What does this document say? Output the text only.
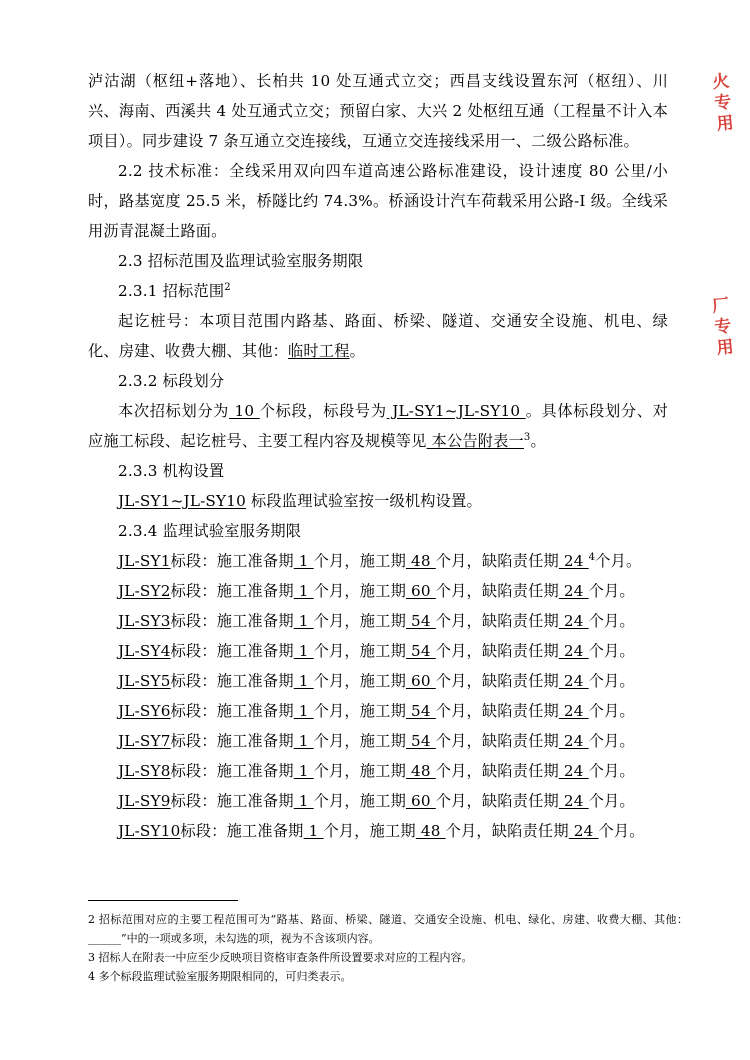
泸沽湖（枢纽+落地）、长柏共 10 处互通式立交；西昌支线设置东河（枢纽）、川兴、海南、西溪共 4 处互通式立交；预留白家、大兴 2 处枢纽互通（工程量不计入本项目）。同步建设 7 条互通立交连接线，互通立交连接线采用一、二级公路标准。

2.2 技术标准：全线采用双向四车道高速公路标准建设，设计速度 80 公里/小时，路基宽度 25.5 米，桥隧比约 74.3%。桥涵设计汽车荷载采用公路-I 级。全线采用沥青混凝土路面。

2.3 招标范围及监理试验室服务期限

2.3.1 招标范围$^2$

起讫桩号：本项目范围内路基、路面、桥梁、隧道、交通安全设施、机电、绿化、房建、收费大棚、其他：临时工程。

2.3.2 标段划分

本次招标划分为 10 个标段，标段号为 JL-SY1~JL-SY10 。具体标段划分、对应施工标段、起讫桩号、主要工程内容及规模等见 本公告附表一$^3$。

2.3.3 机构设置

JL-SY1~JL-SY10 标段监理试验室按一级机构设置。

2.3.4 监理试验室服务期限

JL-SY1标段：施工准备期 1 个月，施工期 48 个月，缺陷责任期 24 $^4$个月。

JL-SY2标段：施工准备期 1 个月，施工期 60 个月，缺陷责任期 24 个月。

JL-SY3标段：施工准备期 1 个月，施工期 54 个月，缺陷责任期 24 个月。

JL-SY4标段：施工准备期 1 个月，施工期 54 个月，缺陷责任期 24 个月。

JL-SY5标段：施工准备期 1 个月，施工期 60 个月，缺陷责任期 24 个月。

JL-SY6标段：施工准备期 1 个月，施工期 54 个月，缺陷责任期 24 个月。

JL-SY7标段：施工准备期 1 个月，施工期 54 个月，缺陷责任期 24 个月。

JL-SY8标段：施工准备期 1 个月，施工期 48 个月，缺陷责任期 24 个月。

JL-SY9标段：施工准备期 1 个月，施工期 60 个月，缺陷责任期 24 个月。

JL-SY10标段：施工准备期 1 个月，施工期 48 个月，缺陷责任期 24 个月。

2 招标范围对应的主要工程范围可为“路基、路面、桥梁、隧道、交通安全设施、机电、绿化、房建、收费大棚、其他：______”中的一项或多项，未勾选的项，视为不含该项内容。

3 招标人在附表一中应至少反映项目资格审查条件所设置要求对应的工程内容。

4 多个标段监理试验室服务期限相同的，可归类表示。

火
专
用
厂
专
用
